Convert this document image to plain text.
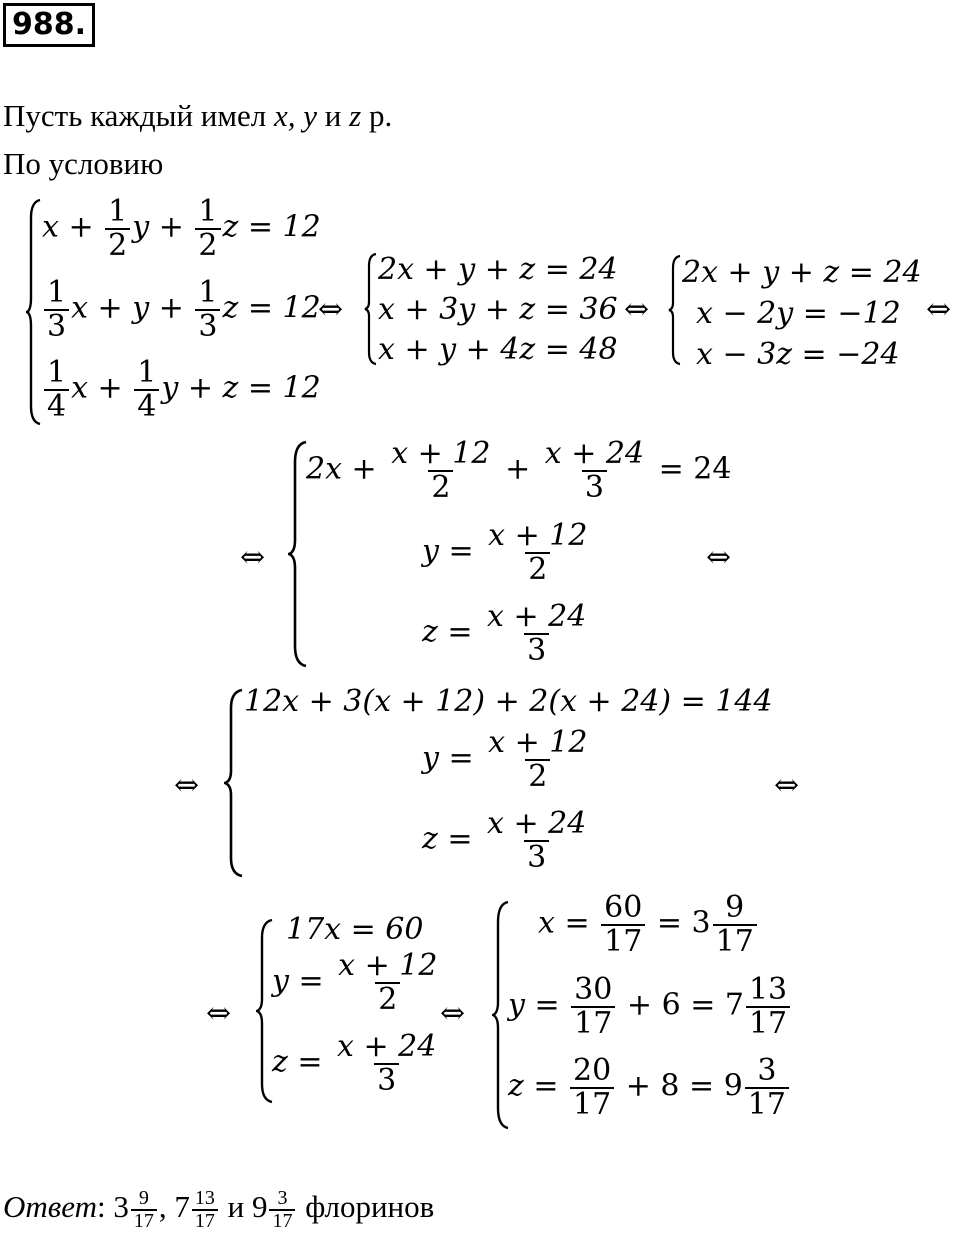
988.
Пусть каждый имел x, y и z р.
По условию
$x + \frac{1}{2}$ $y + \frac{1}{2}$ z = 12
$\frac{1}{3}$ $x + y + \frac{1}{3}$ z = 12
$\frac{1}{4}$ $x + \frac{1}{4}$ y + z = 12
⇔
2x + y + z = 24
x + 3y + z = 36
x + y + 4z = 48
⇔
2x + y + z = 24
x − 2y = −12
x − 3z = −24
⇔
⇔
$2x + \frac{x + 12}{2} + \frac{x + 24}{3} = 24$
$y = \frac{x + 12}{2}$
$z = \frac{x + 24}{3}$
⇔
⇔
12x + 3(x + 12) + 2(x + 24) = 144
$y = \frac{x + 12}{2}$
$z = \frac{x + 24}{3}$
⇔
⇔
17x = 60
$y = \frac{x + 12}{2}$
$z = \frac{x + 24}{3}$
⇔
$x = \frac{60}{17} = 3 \frac{9}{17}$
$y = \frac{30}{17} + 6 = 7 \frac{13}{17}$
$z = \frac{20}{17} + 8 = 9 \frac{3}{17}$
Ответ: $3 \frac{9}{17}$ , $7 \frac{13}{17}$ и $9 \frac{3}{17}$ флоринов
